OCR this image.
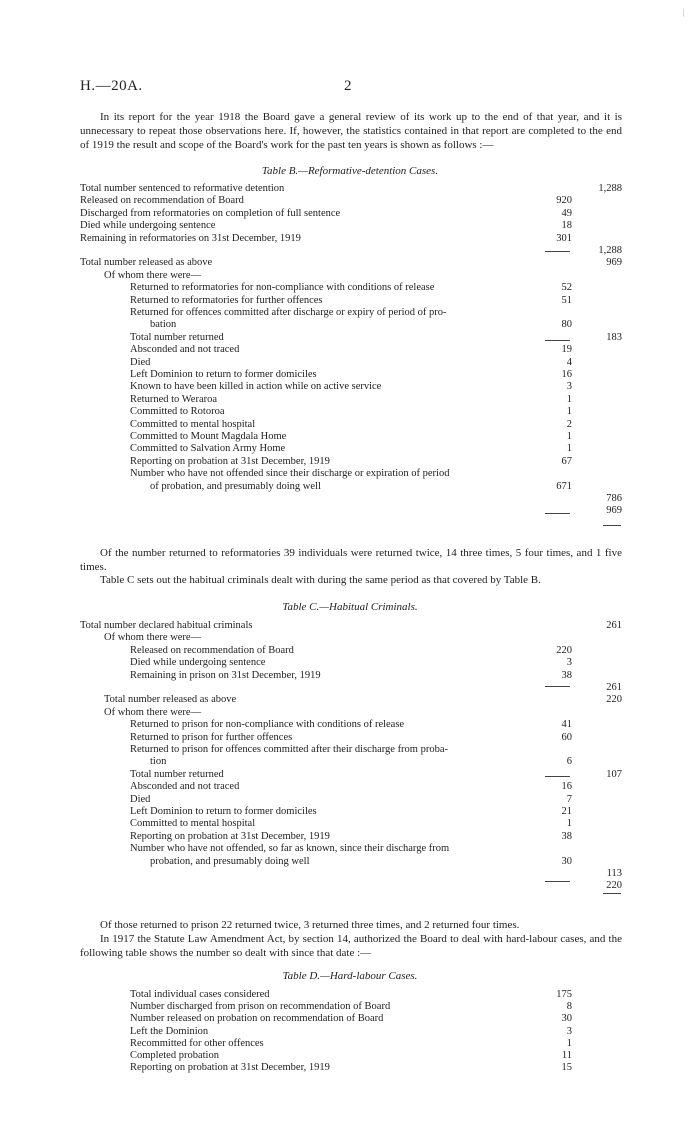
|
H.—20A.	2
In its report for the year 1918 the Board gave a general review of its work up to the end of that year, and it is unnecessary to repeat those observations here. If, however, the statistics contained in that report are completed to the end of 1919 the result and scope of the Board's work for the past ten years is shown as follows :—
Table B.—Reformative-detention Cases.
Total number sentenced to reformative detention	1,288
Released on recommendation of Board	920
Discharged from reformatories on completion of full sentence	49
Died while undergoing sentence	18
Remaining in reformatories on 31st December, 1919	301
1,288
Total number released as above	969
Of whom there were—
Returned to reformatories for non-compliance with conditions of release	52
Returned to reformatories for further offences	51
Returned for offences committed after discharge or expiry of period of pro-
bation	80
Total number returned	183
Absconded and not traced	19
Died	4
Left Dominion to return to former domiciles	16
Known to have been killed in action while on active service	3
Returned to Weraroa	1
Committed to Rotoroa	1
Committed to mental hospital	2
Committed to Mount Magdala Home	1
Committed to Salvation Army Home	1
Reporting on probation at 31st December, 1919	67
Number who have not offended since their discharge or expiration of period
of probation, and presumably doing well	671
786
969
Of the number returned to reformatories 39 individuals were returned twice, 14 three times, 5 four times, and 1 five times.
Table C sets out the habitual criminals dealt with during the same period as that covered by Table B.
Table C.—Habitual Criminals.
Total number declared habitual criminals	261
Of whom there were—
Released on recommendation of Board	220
Died while undergoing sentence	3
Remaining in prison on 31st December, 1919	38
261
Total number released as above	220
Of whom there were—
Returned to prison for non-compliance with conditions of release	41
Returned to prison for further offences	60
Returned to prison for offences committed after their discharge from proba-
tion	6
Total number returned	107
Absconded and not traced	16
Died	7
Left Dominion to return to former domiciles	21
Committed to mental hospital	1
Reporting on probation at 31st December, 1919	38
Number who have not offended, so far as known, since their discharge from
probation, and presumably doing well	30
113
220
Of those returned to prison 22 returned twice, 3 returned three times, and 2 returned four times.
In 1917 the Statute Law Amendment Act, by section 14, authorized the Board to deal with hard-labour cases, and the following table shows the number so dealt with since that date :—
Table D.—Hard-labour Cases.
Total individual cases considered	175
Number discharged from prison on recommendation of Board	8
Number released on probation on recommendation of Board	30
Left the Dominion	3
Recommitted for other offences	1
Completed probation	11
Reporting on probation at 31st December, 1919	15
